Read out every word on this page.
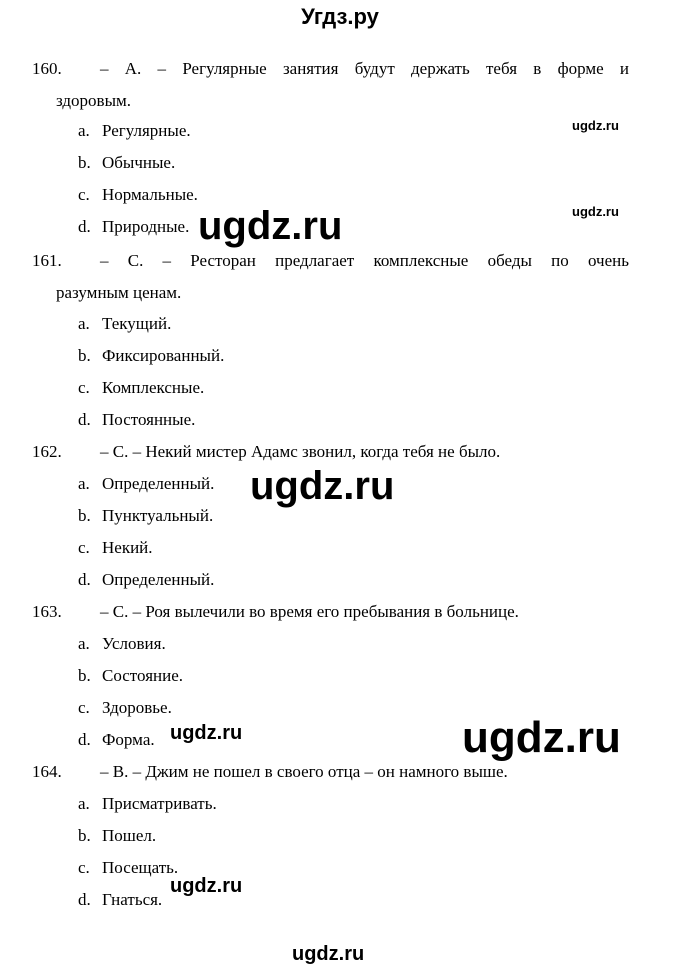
Угдз.ру
160.	– А. – Регулярные занятия будут держать тебя в форме и
здоровым.
a. Регулярные.
b. Обычные.
c. Нормальные.
d. Природные.
161.	– С. – Ресторан предлагает комплексные обеды по очень
разумным ценам.
a. Текущий.
b. Фиксированный.
c. Комплексные.
d. Постоянные.
162. – С. – Некий мистер Адамс звонил, когда тебя не было.
a. Определенный.
b. Пунктуальный.
c. Некий.
d. Определенный.
163. – С. – Роя вылечили во время его пребывания в больнице.
a. Условия.
b. Состояние.
c. Здоровье.
d. Форма.
164. – В. – Джим не пошел в своего отца – он намного выше.
a. Присматривать.
b. Пошел.
c. Посещать.
d. Гнаться.
ugdz.ru
ugdz.ru
ugdz.ru
ugdz.ru
ugdz.ru	ugdz.ru
ugdz.ru
ugdz.ru
